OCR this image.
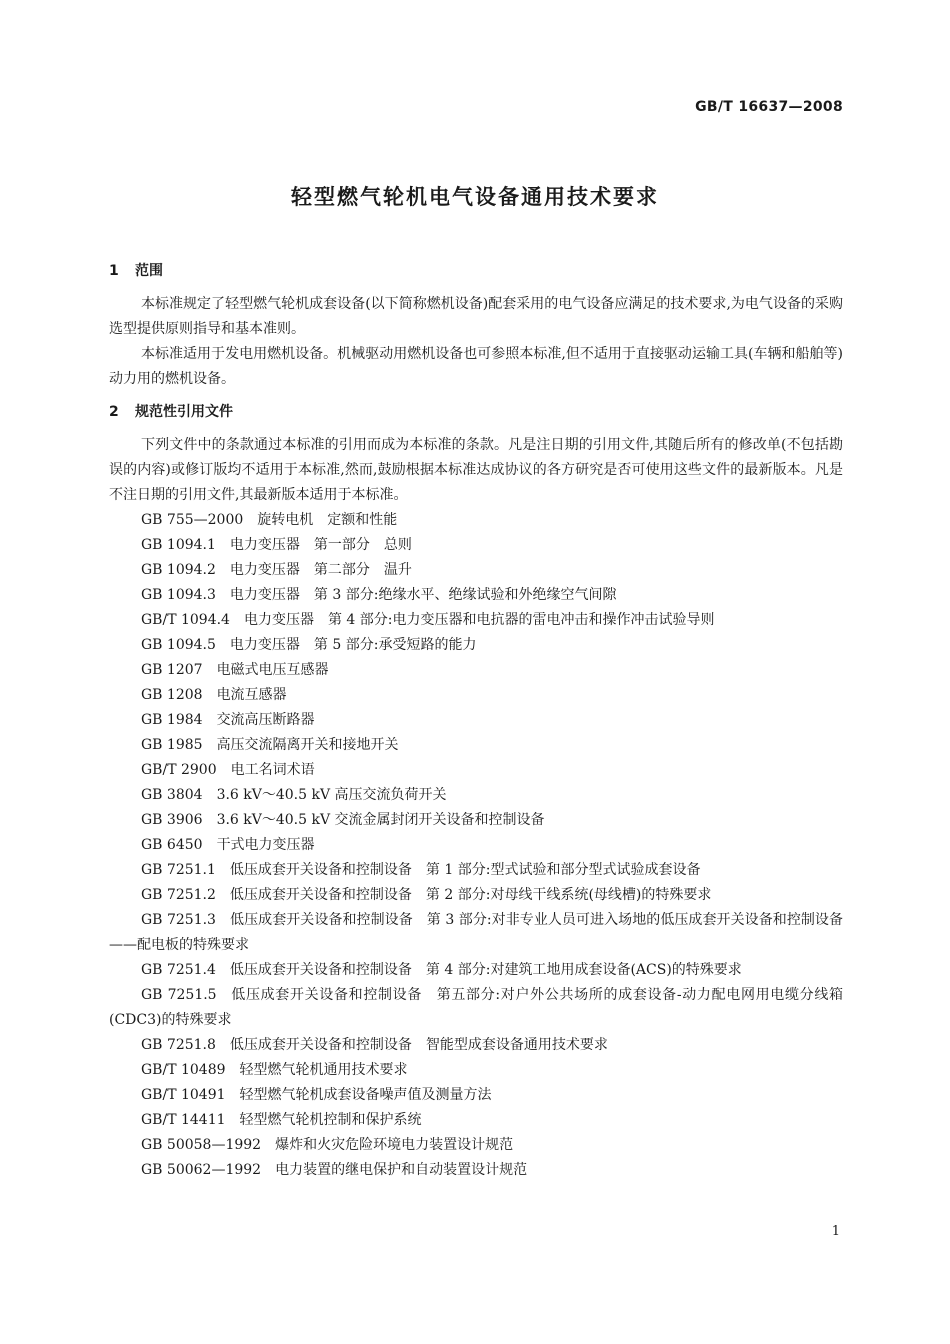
GB/T 16637—2008
轻型燃气轮机电气设备通用技术要求
1 范围

本标准规定了轻型燃气轮机成套设备(以下简称燃机设备)配套采用的电气设备应满足的技术要求,为电气设备的采购选型提供原则指导和基本准则。

本标准适用于发电用燃机设备。机械驱动用燃机设备也可参照本标准,但不适用于直接驱动运输工具(车辆和船舶等)动力用的燃机设备。

2 规范性引用文件

下列文件中的条款通过本标准的引用而成为本标准的条款。凡是注日期的引用文件,其随后所有的修改单(不包括勘误的内容)或修订版均不适用于本标准,然而,鼓励根据本标准达成协议的各方研究是否可使用这些文件的最新版本。凡是不注日期的引用文件,其最新版本适用于本标准。

GB 755—2000 旋转电机　定额和性能

GB 1094.1 电力变压器　第一部分　总则

GB 1094.2 电力变压器　第二部分　温升

GB 1094.3 电力变压器　第 3 部分:绝缘水平、绝缘试验和外绝缘空气间隙

GB/T 1094.4 电力变压器　第 4 部分:电力变压器和电抗器的雷电冲击和操作冲击试验导则

GB 1094.5 电力变压器　第 5 部分:承受短路的能力

GB 1207 电磁式电压互感器

GB 1208 电流互感器

GB 1984 交流高压断路器

GB 1985 高压交流隔离开关和接地开关

GB/T 2900 电工名词术语

GB 3804 3.6 kV～40.5 kV 高压交流负荷开关

GB 3906 3.6 kV～40.5 kV 交流金属封闭开关设备和控制设备

GB 6450 干式电力变压器

GB 7251.1 低压成套开关设备和控制设备　第 1 部分:型式试验和部分型式试验成套设备

GB 7251.2 低压成套开关设备和控制设备　第 2 部分:对母线干线系统(母线槽)的特殊要求

GB 7251.3 低压成套开关设备和控制设备　第 3 部分:对非专业人员可进入场地的低压成套开关设备和控制设备——配电板的特殊要求

GB 7251.4 低压成套开关设备和控制设备　第 4 部分:对建筑工地用成套设备(ACS)的特殊要求

GB 7251.5 低压成套开关设备和控制设备　第五部分:对户外公共场所的成套设备-动力配电网用电缆分线箱(CDC3)的特殊要求

GB 7251.8 低压成套开关设备和控制设备　智能型成套设备通用技术要求

GB/T 10489 轻型燃气轮机通用技术要求

GB/T 10491 轻型燃气轮机成套设备噪声值及测量方法

GB/T 14411 轻型燃气轮机控制和保护系统

GB 50058—1992 爆炸和火灾危险环境电力装置设计规范

GB 50062—1992 电力装置的继电保护和自动装置设计规范

1
